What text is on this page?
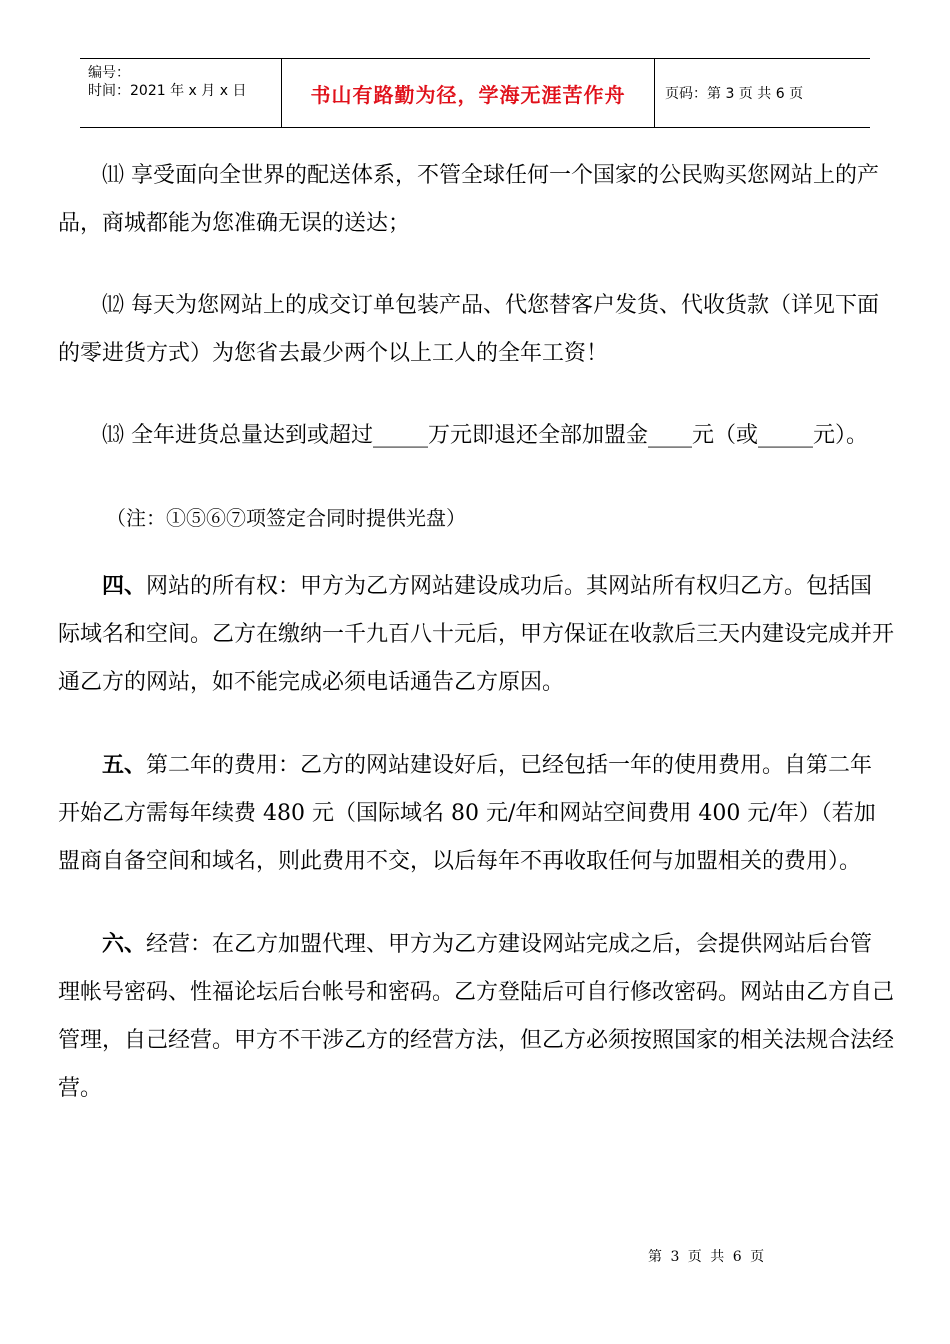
编号：
时间：2021 年 x 月 x 日	书山有路勤为径，学海无涯苦作舟	页码：第 3 页 共 6 页

⑾ 享受面向全世界的配送体系，不管全球任何一个国家的公民购买您网站上的产品，商城都能为您准确无误的送达；

⑿ 每天为您网站上的成交订单包装产品、代您替客户发货、代收货款（详见下面的零进货方式）为您省去最少两个以上工人的全年工资！

⒀ 全年进货总量达到或超过_____万元即退还全部加盟金____元（或_____元）。

（注：①⑤⑥⑦项签定合同时提供光盘）

四、网站的所有权：甲方为乙方网站建设成功后。其网站所有权归乙方。包括国际域名和空间。乙方在缴纳一千九百八十元后，甲方保证在收款后三天内建设完成并开通乙方的网站，如不能完成必须电话通告乙方原因。

五、第二年的费用：乙方的网站建设好后，已经包括一年的使用费用。自第二年开始乙方需每年续费 480 元（国际域名 80 元/年和网站空间费用 400 元/年）（若加盟商自备空间和域名，则此费用不交，以后每年不再收取任何与加盟相关的费用）。

六、经营：在乙方加盟代理、甲方为乙方建设网站完成之后，会提供网站后台管理帐号密码、性福论坛后台帐号和密码。乙方登陆后可自行修改密码。网站由乙方自己管理，自己经营。甲方不干涉乙方的经营方法，但乙方必须按照国家的相关法规合法经营。

第 3 页 共 6 页
